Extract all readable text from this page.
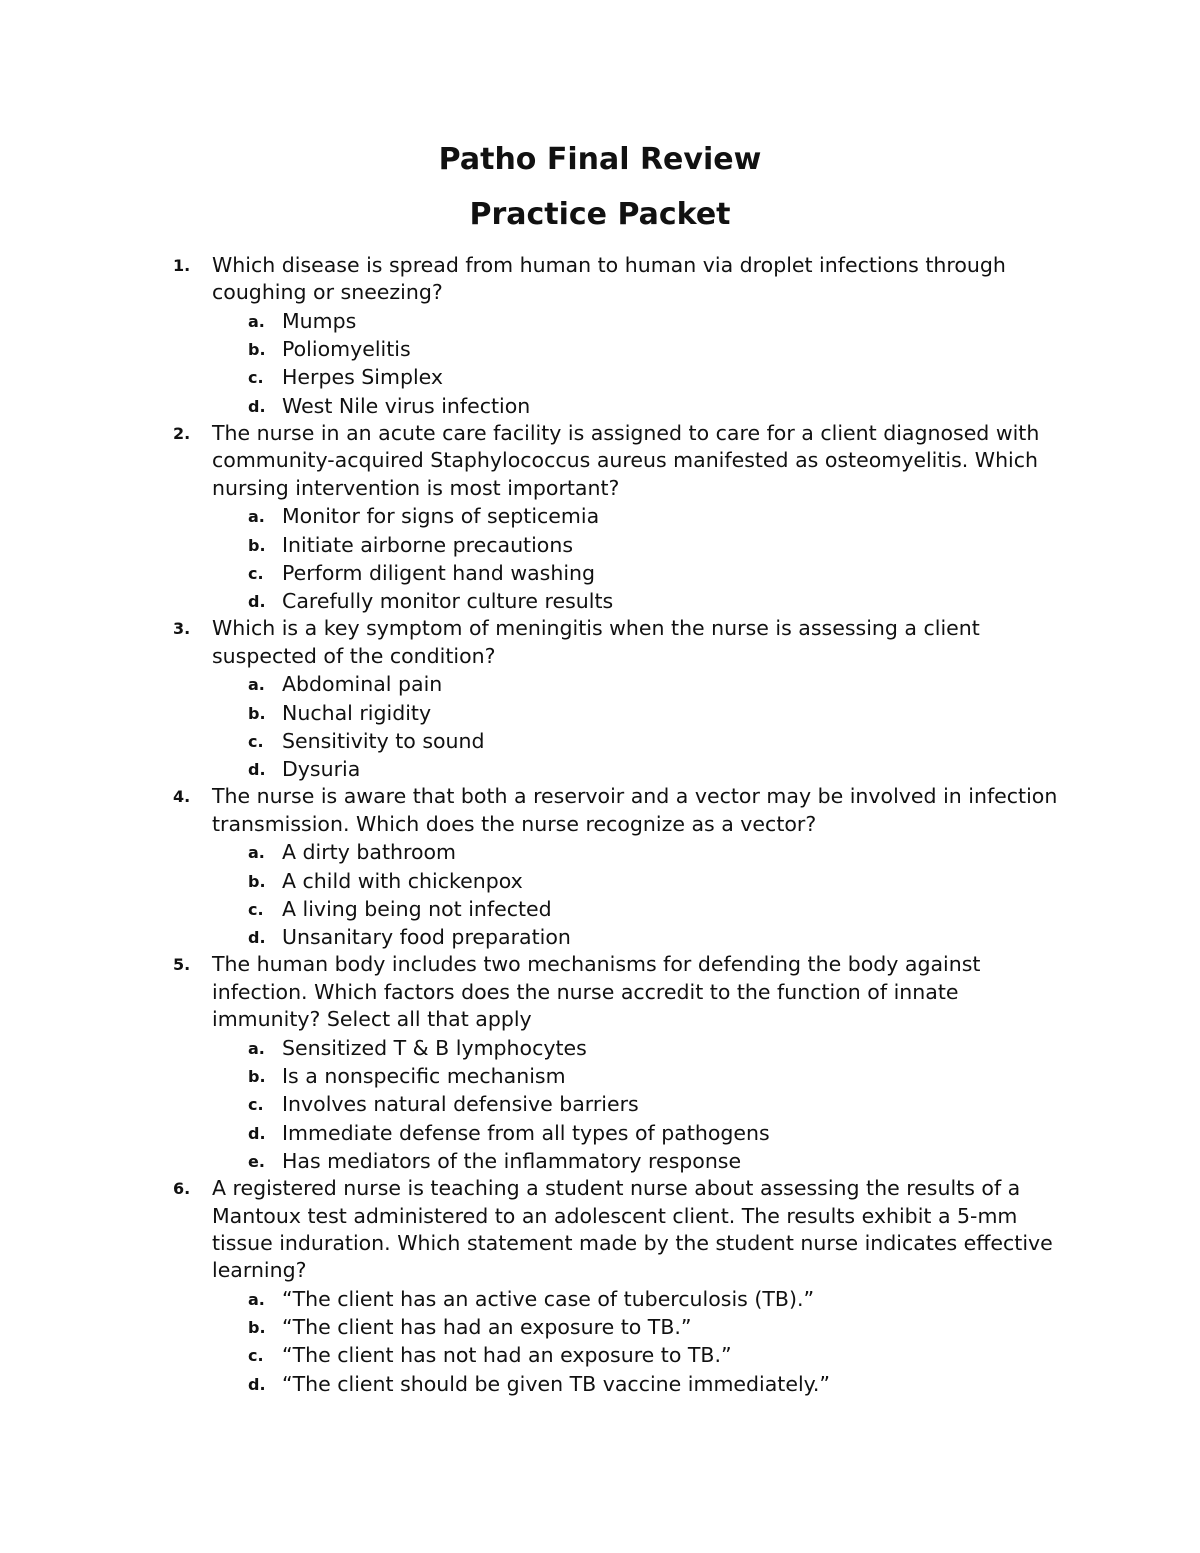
Patho Final Review
Practice Packet
1. Which disease is spread from human to human via droplet infections through coughing or sneezing?
a. Mumps
b. Poliomyelitis
c. Herpes Simplex
d. West Nile virus infection
2. The nurse in an acute care facility is assigned to care for a client diagnosed with community-acquired Staphylococcus aureus manifested as osteomyelitis. Which nursing intervention is most important?
a. Monitor for signs of septicemia
b. Initiate airborne precautions
c. Perform diligent hand washing
d. Carefully monitor culture results
3. Which is a key symptom of meningitis when the nurse is assessing a client suspected of the condition?
a. Abdominal pain
b. Nuchal rigidity
c. Sensitivity to sound
d. Dysuria
4. The nurse is aware that both a reservoir and a vector may be involved in infection transmission. Which does the nurse recognize as a vector?
a. A dirty bathroom
b. A child with chickenpox
c. A living being not infected
d. Unsanitary food preparation
5. The human body includes two mechanisms for defending the body against infection. Which factors does the nurse accredit to the function of innate immunity? Select all that apply
a. Sensitized T & B lymphocytes
b. Is a nonspecific mechanism
c. Involves natural defensive barriers
d. Immediate defense from all types of pathogens
e. Has mediators of the inflammatory response
6. A registered nurse is teaching a student nurse about assessing the results of a Mantoux test administered to an adolescent client. The results exhibit a 5-mm tissue induration. Which statement made by the student nurse indicates effective learning?
a. “The client has an active case of tuberculosis (TB).”
b. “The client has had an exposure to TB.”
c. “The client has not had an exposure to TB.”
d. “The client should be given TB vaccine immediately.”
